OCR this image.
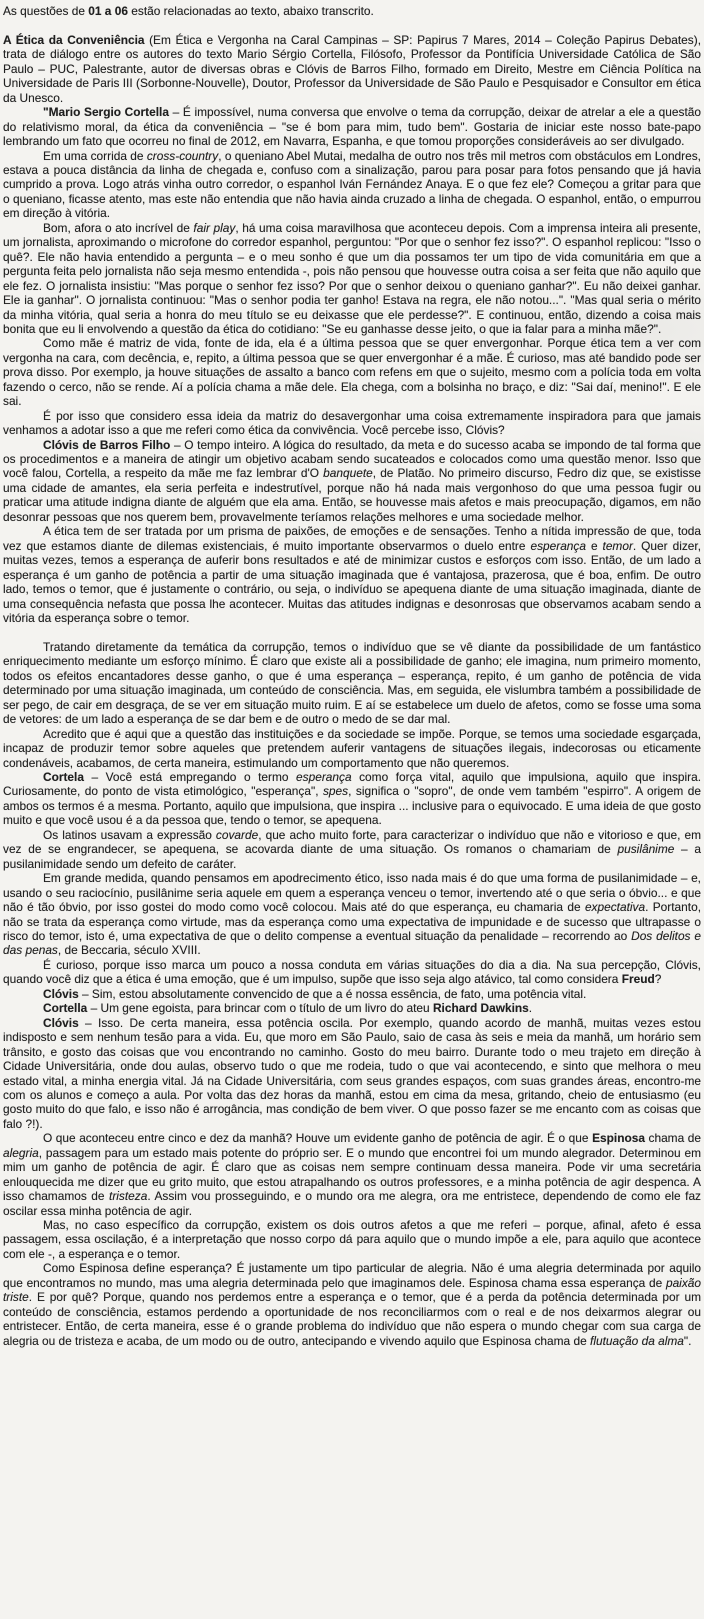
As questões de 01 a 06 estão relacionadas ao texto, abaixo transcrito.

A Ética da Conveniência (Em Ética e Vergonha na Caral Campinas – SP: Papirus 7 Mares, 2014 – Coleção Papirus Debates), trata de diálogo entre os autores do texto Mario Sérgio Cortella, Filósofo, Professor da Pontifícia Universidade Católica de São Paulo – PUC, Palestrante, autor de diversas obras e Clóvis de Barros Filho, formado em Direito, Mestre em Ciência Política na Universidade de Paris III (Sorbonne-Nouvelle), Doutor, Professor da Universidade de São Paulo e Pesquisador e Consultor em ética da Unesco.

"Mario Sergio Cortella – É impossível, numa conversa que envolve o tema da corrupção, deixar de atrelar a ele a questão do relativismo moral, da ética da conveniência – "se é bom para mim, tudo bem". Gostaria de iniciar este nosso bate-papo lembrando um fato que ocorreu no final de 2012, em Navarra, Espanha, e que tomou proporções consideráveis ao ser divulgado.

Em uma corrida de cross-country, o queniano Abel Mutai, medalha de outro nos três mil metros com obstáculos em Londres, estava a pouca distância da linha de chegada e, confuso com a sinalização, parou para posar para fotos pensando que já havia cumprido a prova. Logo atrás vinha outro corredor, o espanhol Iván Fernández Anaya. E o que fez ele? Começou a gritar para que o queniano, ficasse atento, mas este não entendia que não havia ainda cruzado a linha de chegada. O espanhol, então, o empurrou em direção à vitória.

Bom, afora o ato incrível de fair play, há uma coisa maravilhosa que aconteceu depois. Com a imprensa inteira ali presente, um jornalista, aproximando o microfone do corredor espanhol, perguntou: "Por que o senhor fez isso?". O espanhol replicou: "Isso o quê?. Ele não havia entendido a pergunta – e o meu sonho é que um dia possamos ter um tipo de vida comunitária em que a pergunta feita pelo jornalista não seja mesmo entendida -, pois não pensou que houvesse outra coisa a ser feita que não aquilo que ele fez. O jornalista insistiu: "Mas porque o senhor fez isso? Por que o senhor deixou o queniano ganhar?". Eu não deixei ganhar. Ele ia ganhar". O jornalista continuou: "Mas o senhor podia ter ganho! Estava na regra, ele não notou...". "Mas qual seria o mérito da minha vitória, qual seria a honra do meu título se eu deixasse que ele perdesse?". E continuou, então, dizendo a coisa mais bonita que eu li envolvendo a questão da ética do cotidiano: "Se eu ganhasse desse jeito, o que ia falar para a minha mãe?".

Como mãe é matriz de vida, fonte de ida, ela é a última pessoa que se quer envergonhar. Porque ética tem a ver com vergonha na cara, com decência, e, repito, a última pessoa que se quer envergonhar é a mãe. É curioso, mas até bandido pode ser prova disso. Por exemplo, ja houve situações de assalto a banco com refens em que o sujeito, mesmo com a polícia toda em volta fazendo o cerco, não se rende. Aí a polícia chama a mãe dele. Ela chega, com a bolsinha no braço, e diz: "Sai daí, menino!". E ele sai.

É por isso que considero essa ideia da matriz do desavergonhar uma coisa extremamente inspiradora para que jamais venhamos a adotar isso a que me referi como ética da convivência. Você percebe isso, Clóvis?

Clóvis de Barros Filho – O tempo inteiro. A lógica do resultado, da meta e do sucesso acaba se impondo de tal forma que os procedimentos e a maneira de atingir um objetivo acabam sendo sucateados e colocados como uma questão menor. Isso que você falou, Cortella, a respeito da mãe me faz lembrar d'O banquete, de Platão. No primeiro discurso, Fedro diz que, se existisse uma cidade de amantes, ela seria perfeita e indestrutível, porque não há nada mais vergonhoso do que uma pessoa fugir ou praticar uma atitude indigna diante de alguém que ela ama. Então, se houvesse mais afetos e mais preocupação, digamos, em não desonrar pessoas que nos querem bem, provavelmente teríamos relações melhores e uma sociedade melhor.

A ética tem de ser tratada por um prisma de paixões, de emoções e de sensações. Tenho a nítida impressão de que, toda vez que estamos diante de dilemas existenciais, é muito importante observarmos o duelo entre esperança e temor. Quer dizer, muitas vezes, temos a esperança de auferir bons resultados e até de minimizar custos e esforços com isso. Então, de um lado a esperança é um ganho de potência a partir de uma situação imaginada que é vantajosa, prazerosa, que é boa, enfim. De outro lado, temos o temor, que é justamente o contrário, ou seja, o indivíduo se apequena diante de uma situação imaginada, diante de uma consequência nefasta que possa lhe acontecer. Muitas das atitudes indignas e desonrosas que observamos acabam sendo a vitória da esperança sobre o temor.

Tratando diretamente da temática da corrupção, temos o indivíduo que se vê diante da possibilidade de um fantástico enriquecimento mediante um esforço mínimo. É claro que existe ali a possibilidade de ganho; ele imagina, num primeiro momento, todos os efeitos encantadores desse ganho, o que é uma esperança – esperança, repito, é um ganho de potência de vida determinado por uma situação imaginada, um conteúdo de consciência. Mas, em seguida, ele vislumbra também a possibilidade de ser pego, de cair em desgraça, de se ver em situação muito ruim. E aí se estabelece um duelo de afetos, como se fosse uma soma de vetores: de um lado a esperança de se dar bem e de outro o medo de se dar mal.

Acredito que é aqui que a questão das instituições e da sociedade se impõe. Porque, se temos uma sociedade esgarçada, incapaz de produzir temor sobre aqueles que pretendem auferir vantagens de situações ilegais, indecorosas ou eticamente condenáveis, acabamos, de certa maneira, estimulando um comportamento que não queremos.

Cortela – Você está empregando o termo esperança como força vital, aquilo que impulsiona, aquilo que inspira. Curiosamente, do ponto de vista etimológico, "esperança", spes, significa o "sopro", de onde vem também "espirro". A origem de ambos os termos é a mesma. Portanto, aquilo que impulsiona, que inspira ... inclusive para o equivocado. E uma ideia de que gosto muito e que você usou é a da pessoa que, tendo o temor, se apequena.

Os latinos usavam a expressão covarde, que acho muito forte, para caracterizar o indivíduo que não e vitorioso e que, em vez de se engrandecer, se apequena, se acovarda diante de uma situação. Os romanos o chamariam de pusilânime – a pusilanimidade sendo um defeito de caráter.

Em grande medida, quando pensamos em apodrecimento ético, isso nada mais é do que uma forma de pusilanimidade – e, usando o seu raciocínio, pusilânime seria aquele em quem a esperança venceu o temor, invertendo até o que seria o óbvio... e que não é tão óbvio, por isso gostei do modo como você colocou. Mais até do que esperança, eu chamaria de expectativa. Portanto, não se trata da esperança como virtude, mas da esperança como uma expectativa de impunidade e de sucesso que ultrapasse o risco do temor, isto é, uma expectativa de que o delito compense a eventual situação da penalidade – recorrendo ao Dos delitos e das penas, de Beccaria, século XVIII.

É curioso, porque isso marca um pouco a nossa conduta em várias situações do dia a dia. Na sua percepção, Clóvis, quando você diz que a ética é uma emoção, que é um impulso, supõe que isso seja algo atávico, tal como considera Freud?

Clóvis – Sim, estou absolutamente convencido de que a é nossa essência, de fato, uma potência vital.

Cortella – Um gene egoista, para brincar com o título de um livro do ateu Richard Dawkins.

Clóvis – Isso. De certa maneira, essa potência oscila. Por exemplo, quando acordo de manhã, muitas vezes estou indisposto e sem nenhum tesão para a vida. Eu, que moro em São Paulo, saio de casa às seis e meia da manhã, um horário sem trânsito, e gosto das coisas que vou encontrando no caminho. Gosto do meu bairro. Durante todo o meu trajeto em direção à Cidade Universitária, onde dou aulas, observo tudo o que me rodeia, tudo o que vai acontecendo, e sinto que melhora o meu estado vital, a minha energia vital. Já na Cidade Universitária, com seus grandes espaços, com suas grandes áreas, encontro-me com os alunos e começo a aula. Por volta das dez horas da manhã, estou em cima da mesa, gritando, cheio de entusiasmo (eu gosto muito do que falo, e isso não é arrogância, mas condição de bem viver. O que posso fazer se me encanto com as coisas que falo ?!).

O que aconteceu entre cinco e dez da manhã? Houve um evidente ganho de potência de agir. É o que Espinosa chama de alegria, passagem para um estado mais potente do próprio ser. E o mundo que encontrei foi um mundo alegrador. Determinou em mim um ganho de potência de agir. É claro que as coisas nem sempre continuam dessa maneira. Pode vir uma secretária enlouquecida me dizer que eu grito muito, que estou atrapalhando os outros professores, e a minha potência de agir despenca. A isso chamamos de tristeza. Assim vou prosseguindo, e o mundo ora me alegra, ora me entristece, dependendo de como ele faz oscilar essa minha potência de agir.

Mas, no caso específico da corrupção, existem os dois outros afetos a que me referi – porque, afinal, afeto é essa passagem, essa oscilação, é a interpretação que nosso corpo dá para aquilo que o mundo impõe a ele, para aquilo que acontece com ele -, a esperança e o temor.

Como Espinosa define esperança? É justamente um tipo particular de alegria. Não é uma alegria determinada por aquilo que encontramos no mundo, mas uma alegria determinada pelo que imaginamos dele. Espinosa chama essa esperança de paixão triste. E por quê? Porque, quando nos perdemos entre a esperança e o temor, que é a perda da potência determinada por um conteúdo de consciência, estamos perdendo a oportunidade de nos reconciliarmos com o real e de nos deixarmos alegrar ou entristecer. Então, de certa maneira, esse é o grande problema do indivíduo que não espera o mundo chegar com sua carga de alegria ou de tristeza e acaba, de um modo ou de outro, antecipando e vivendo aquilo que Espinosa chama de flutuação da alma".
